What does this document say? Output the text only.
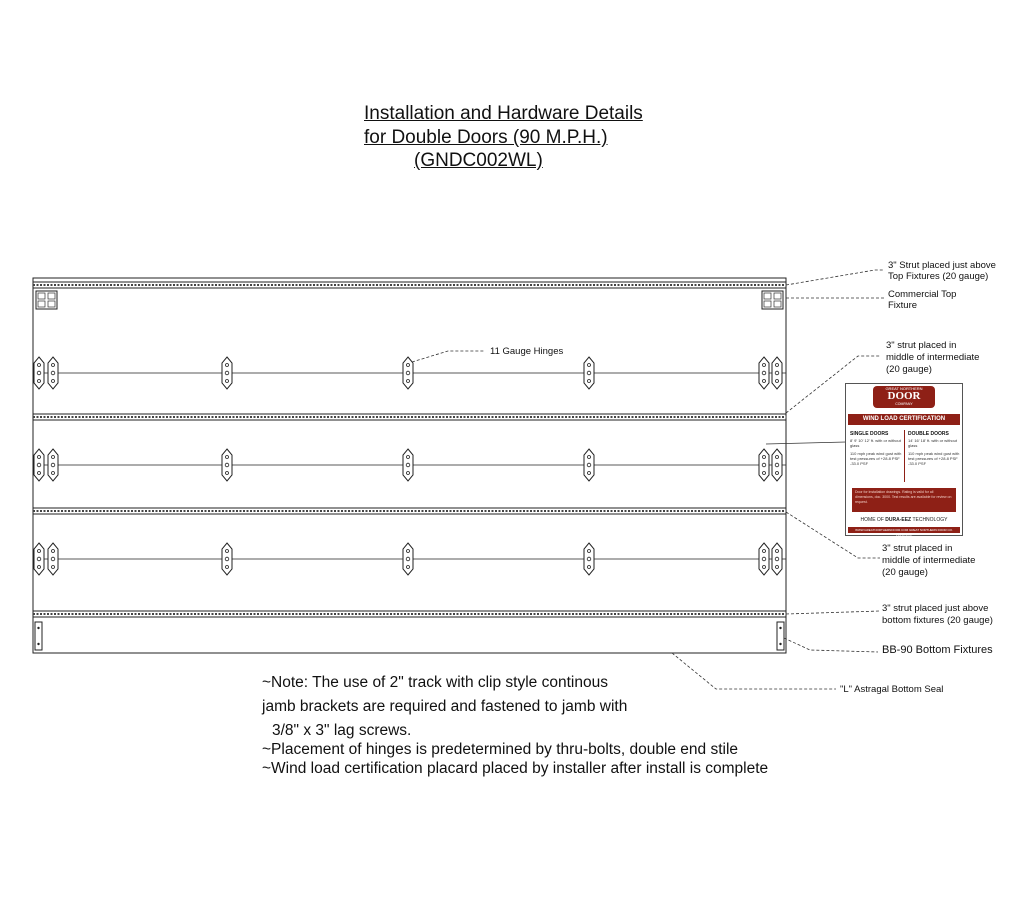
Installation and Hardware Details
for Double Doors (90 M.P.H.)
(GNDC002WL)
3" Strut placed just above
Top Fixtures (20 gauge)
Commercial Top
Fixture
11 Gauge Hinges
3" strut placed in
middle of intermediate
(20 gauge)
3" strut placed in
middle of intermediate
(20 gauge)
3" strut placed just above
bottom fixtures (20 gauge)
BB-90 Bottom Fixtures
"L" Astragal Bottom Seal
GREAT NORTHERN
DOOR
COMPANY
WIND LOAD CERTIFICATION
SINGLE DOORS
8' 9' 10' 12' ft. with or without glass
110 mph peak wind gust with test pressures of +28.8 PSF -33.0 PSF
DOUBLE DOORS
14' 16' 18' ft. with or without glass
110 mph peak wind gust with test pressures of +28.8 PSF -33.0 PSF
Door for installation drawings. Rating is valid for all dimensions, doc. 3000. Test results are available for review on request.
HOME OF DURA-EEZ TECHNOLOGY
WWW.GREATNORTHERNDOOR.COM GREAT NORTHERN DOOR CO. ENTRANCE
~Note: The use of 2" track with clip style continous
jamb brackets are required and fastened to jamb with
3/8" x 3" lag screws.
~Placement of hinges is predetermined by thru-bolts, double end stile
~Wind load certification placard placed by installer after install is complete
